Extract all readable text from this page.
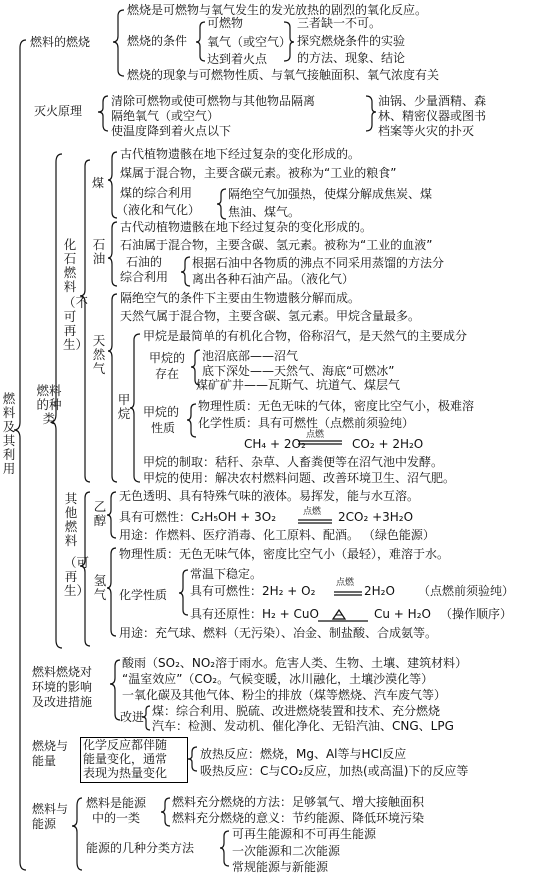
燃料及其利用
燃料的燃烧
燃烧是可燃物与氧气发生的发光放热的剧烈的氧化反应。
燃烧的条件
可燃物
氧气（或空气）
达到着火点
三者缺一不可。
探究燃烧条件的实验
的方法、现象、结论
燃烧的现象与可燃物性质、与氧气接触面积、氧气浓度有关
灭火原理
清除可燃物或使可燃物与其他物品隔离
隔绝氧气（或空气）
使温度降到着火点以下
油锅、少量酒精、森
林、精密仪器或图书
档案等火灾的扑灭
燃料的种类
化石燃料
（不可再生）
煤
古代植物遗骸在地下经过复杂的变化形成的。
煤属于混合物，主要含碳元素。被称为“工业的粮食”
煤的综合利用
（液化和气化）
隔绝空气加强热，使煤分解成焦炭、煤
焦油、煤气。
石油
古代动植物遗骸在地下经过复杂的变化形成的。
石油属于混合物，主要含碳、氢元素。被称为“工业的血液”
石油的
综合利用
根据石油中各物质的沸点不同采用蒸馏的方法分
离出各种石油产品。（液化气）
天然气
隔绝空气的条件下主要由生物遗骸分解而成。
天然气属于混合物，主要含碳、氢元素。甲烷含量最多。
甲烷
甲烷是最简单的有机化合物，俗称沼气，是天然气的主要成分
甲烷的
存在
池沼底部——沼气
底下深处——天然气、海底“可燃冰”
煤矿矿井——瓦斯气、坑道气、煤层气
甲烷的
性质
物理性质：无色无味的气体，密度比空气小，极难溶
化学性质：具有可燃性（点燃前须验纯）
CH₄ + 2O₂
点燃
CO₂ + 2H₂O
甲烷的制取：秸秆、杂草、人畜粪便等在沼气池中发酵。
甲烷的使用：解决农村燃料问题、改善环境卫生、沼气肥。
其他燃料
（可再生）
乙醇
无色透明、具有特殊气味的液体。易挥发，能与水互溶。
具有可燃性：C₂H₅OH + 3O₂	点燃 2CO₂ +3H₂O
用途：作燃料、医疗消毒、化工原料、配酒。 （绿色能源）
氢气
物理性质：无色无味气体，密度比空气小（最轻），难溶于水。
化学性质
常温下稳定。
具有可燃性：2H₂ + O₂
点燃
2H₂O （点燃前须验纯）
具有还原性：H₂ + CuO	Cu + H₂O （操作顺序）
用途：充气球、燃料（无污染）、冶金、制盐酸、合成氨等。
燃料燃烧对
环境的影响
及改进措施
酸雨（SO₂、NO₂溶于雨水。危害人类、生物、土壤、建筑材料）
“温室效应”（CO₂。气候变暖，冰川融化，土壤沙漠化等）
一氧化碳及其他气体、粉尘的排放（煤等燃烧、汽车废气等）
改进 煤：综合利用、脱硫、改进燃烧装置和技术、充分燃烧
汽车：检测、发动机、催化净化、无铅汽油、CNG、LPG
燃烧与
能量
化学反应都伴随
能量变化，通常
表现为热量变化
放热反应：燃烧，Mg、Al等与HCl反应
吸热反应：C与CO₂反应，加热(或高温)下的反应等
燃料与
能源
燃料是能源
中的一类
燃料充分燃烧的方法：足够氧气、增大接触面积
燃料充分燃烧的意义：节约能源、降低环境污染
能源的几种分类方法
可再生能源和不可再生能源
一次能源和二次能源
常规能源与新能源
